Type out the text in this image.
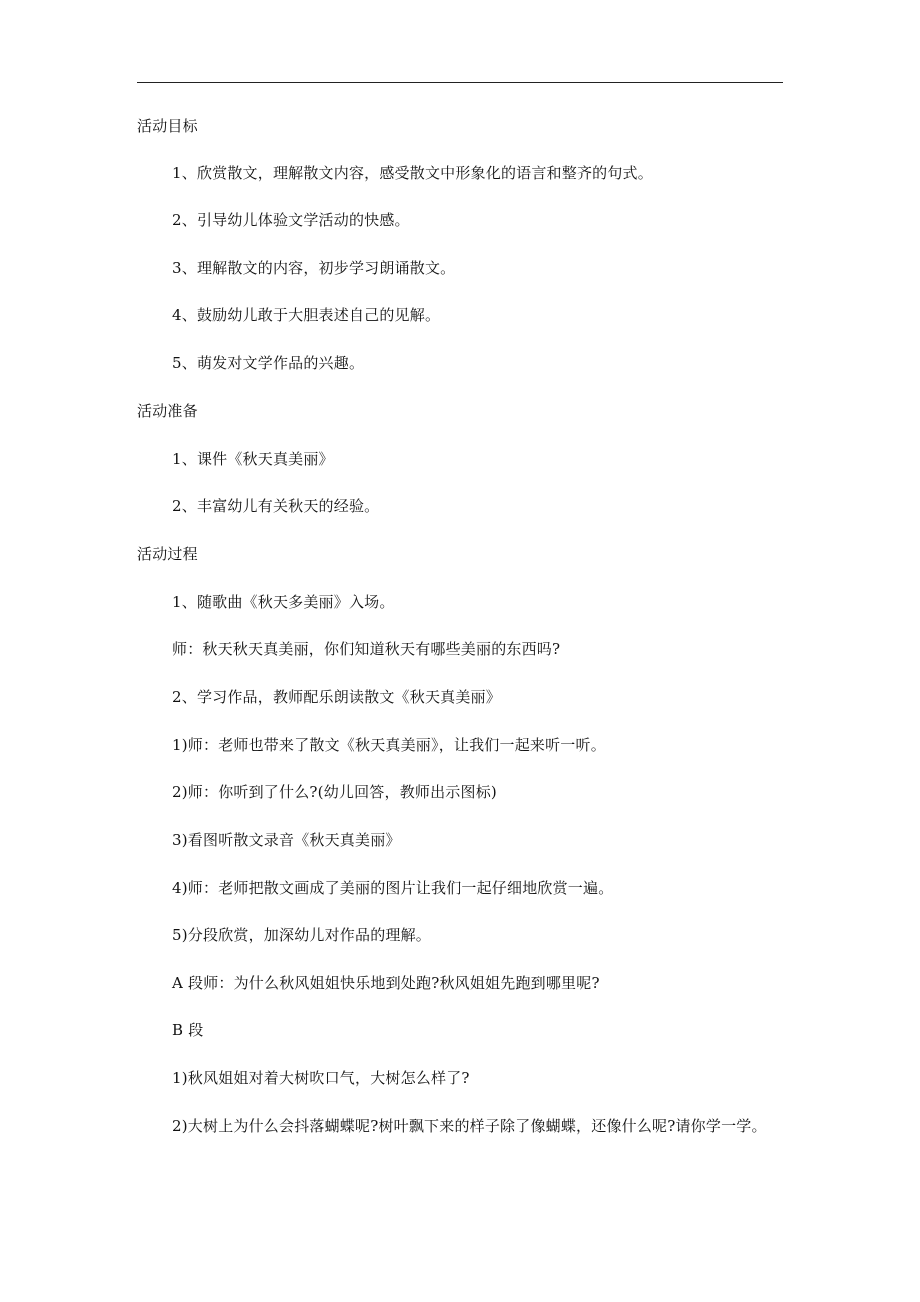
活动目标
1、欣赏散文，理解散文内容，感受散文中形象化的语言和整齐的句式。
2、引导幼儿体验文学活动的快感。
3、理解散文的内容，初步学习朗诵散文。
4、鼓励幼儿敢于大胆表述自己的见解。
5、萌发对文学作品的兴趣。
活动准备
1、课件《秋天真美丽》
2、丰富幼儿有关秋天的经验。
活动过程
1、随歌曲《秋天多美丽》入场。
师：秋天秋天真美丽，你们知道秋天有哪些美丽的东西吗?
2、学习作品，教师配乐朗读散文《秋天真美丽》
1)师：老师也带来了散文《秋天真美丽》，让我们一起来听一听。
2)师：你听到了什么?(幼儿回答，教师出示图标)
3)看图听散文录音《秋天真美丽》
4)师：老师把散文画成了美丽的图片让我们一起仔细地欣赏一遍。
5)分段欣赏，加深幼儿对作品的理解。
A 段师：为什么秋风姐姐快乐地到处跑?秋风姐姐先跑到哪里呢?
B 段
1)秋风姐姐对着大树吹口气，大树怎么样了?
2)大树上为什么会抖落蝴蝶呢?树叶飘下来的样子除了像蝴蝶，还像什么呢?请你学一学。
